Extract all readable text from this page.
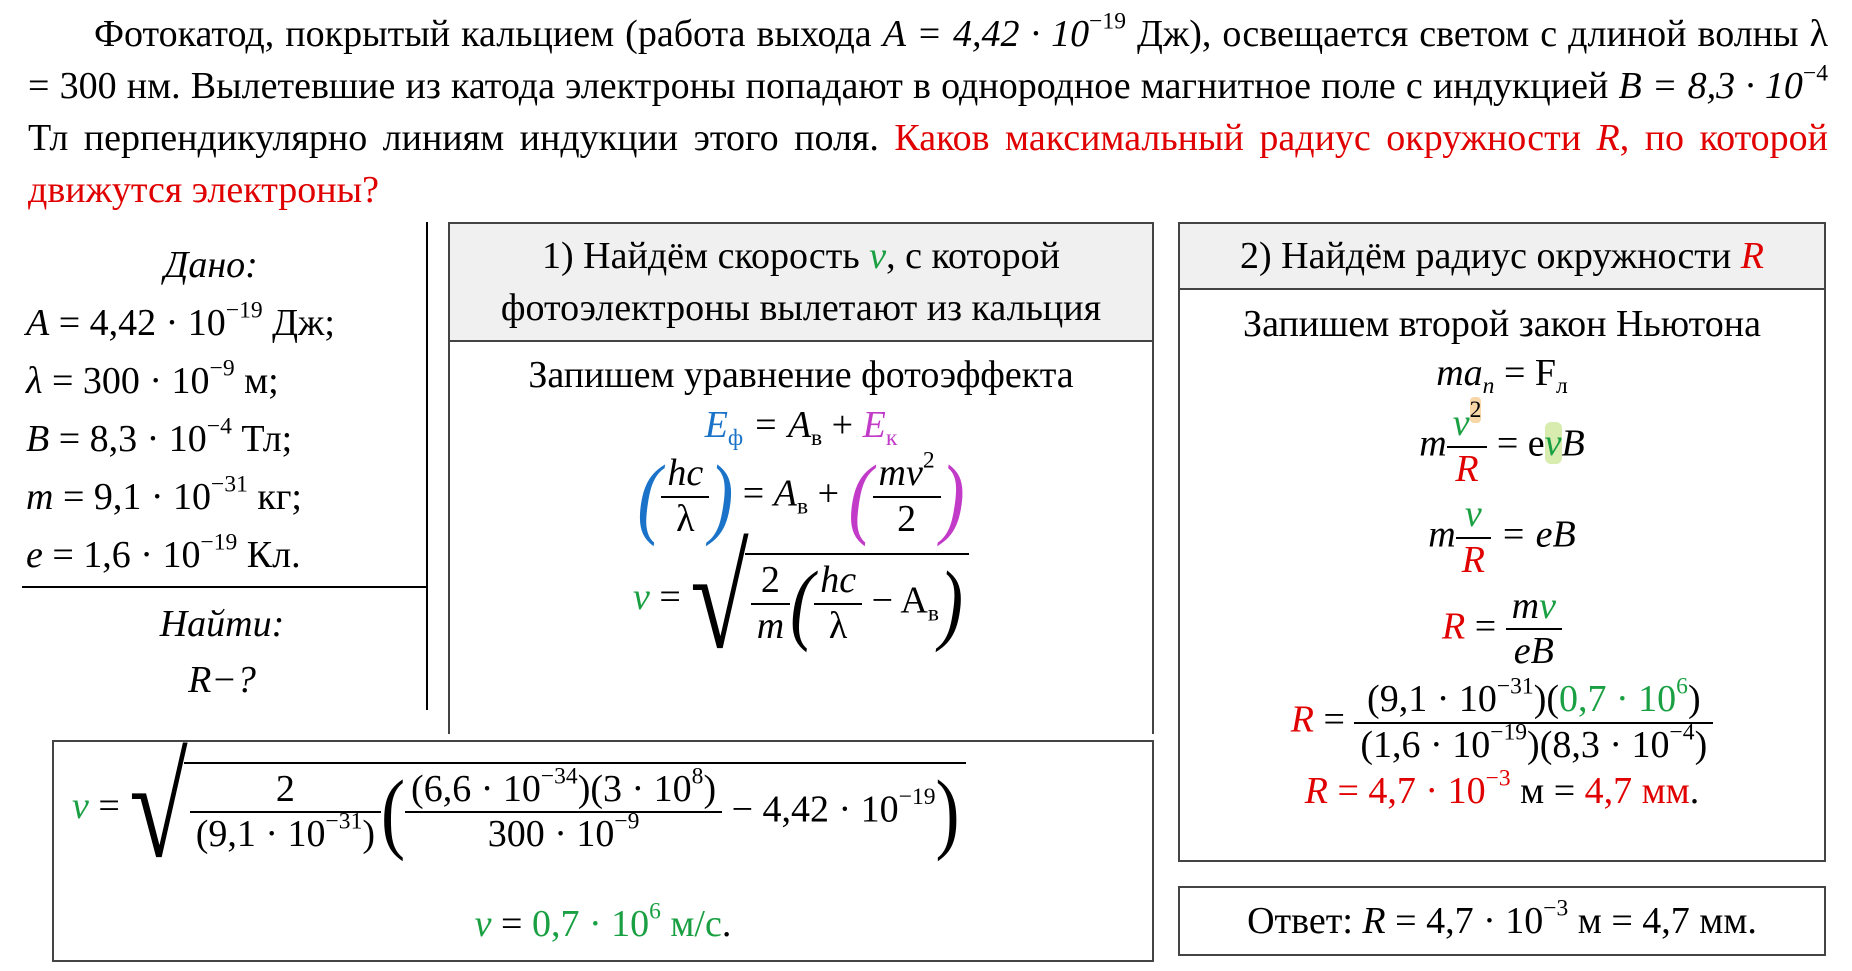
Фотокатод, покрытый кальцием (работа выхода $A = 4,42 \cdot 10^{-19}$ Дж), освещается светом с длиной волны λ = 300 нм. Вылетевшие из катода электроны попадают в однородное магнитное поле с индукцией $B = 8,3 \cdot 10^{-4}$ Тл перпендикулярно линиям индукции этого поля. Каков максимальный радиус окружности R, по которой движутся электроны?
Дано:
$A = 4,42 \cdot 10^{-19}$ Дж;
$\lambda = 300 \cdot 10^{-9}$ м;
$B = 8,3 \cdot 10^{-4}$ Тл;
$m = 9,1 \cdot 10^{-31}$ кг;
$e = 1,6 \cdot 10^{-19}$ Кл.
Найти:
R−?
1) Найдём скорость v, с которой
фотоэлектроны вылетают из кальция
Запишем уравнение фотоэффекта
$E_ф = A_в + E_к$
( $\frac{hc}{\lambda}$ ) = $A_в$ + ( $\frac{mv^2}{2}$ )
v = √ $\frac{2}{m}$ ( $\frac{hc}{\lambda} - A_в$)
v = √ $\frac{2}{(9,1 \cdot 10^{-31})}$ ( $\frac{(6,6 \cdot 10^{-34})(3 \cdot 10^8)}{300 \cdot 10^{-9}} - 4,42 \cdot 10^{-19}$)
$v = 0,7 \cdot 10^6$ м/с.
2) Найдём радиус окружности R
Запишем второй закон Ньютона
$ma_n = F_л$
m $\frac{v^2}{R}$ = evB
m $\frac{v}{R}$ = eB
$R = \frac{mv}{eB}$
$R = \frac{(9,1 \cdot 10^{-31})(0,7 \cdot 10^6)}{(1,6 \cdot 10^{-19})(8,3 \cdot 10^{-4})}$
$R = 4,7 \cdot 10^{-3}$ м = 4,7 мм.
Ответ: $R = 4,7 \cdot 10^{-3}$ м = 4,7 мм.
